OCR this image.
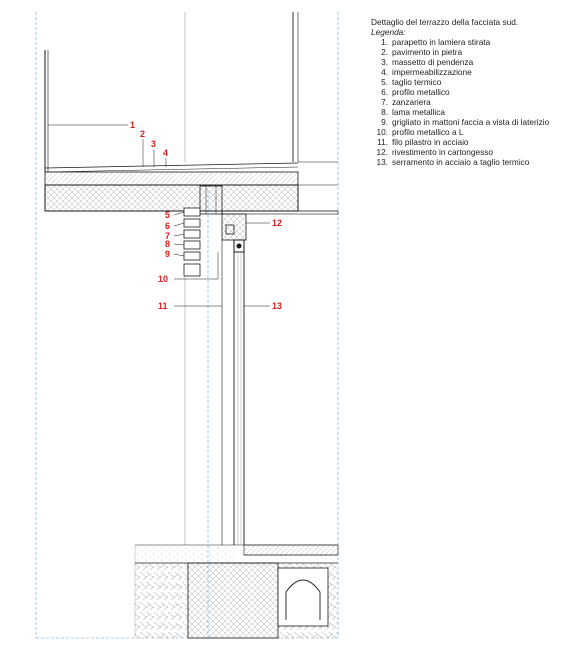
1
2
3
4
5
6
7
8
9
10
11
12
13

Dettaglio del terrazzo della facciata sud.

Legenda:

1. parapetto in lamiera stirata
2. pavimento in pietra
3. massetto di pendenza
4. impermeabilizzazione
5. taglio termico
6. profilo metallico
7. zanzariera
8. lama metallica
9. grigliato in mattoni faccia a vista di laterizio
10. profilo metallico a L
11. filo pilastro in acciaio
12. rivestimento in cartongesso
13. serramento in acciaio a taglio termico
